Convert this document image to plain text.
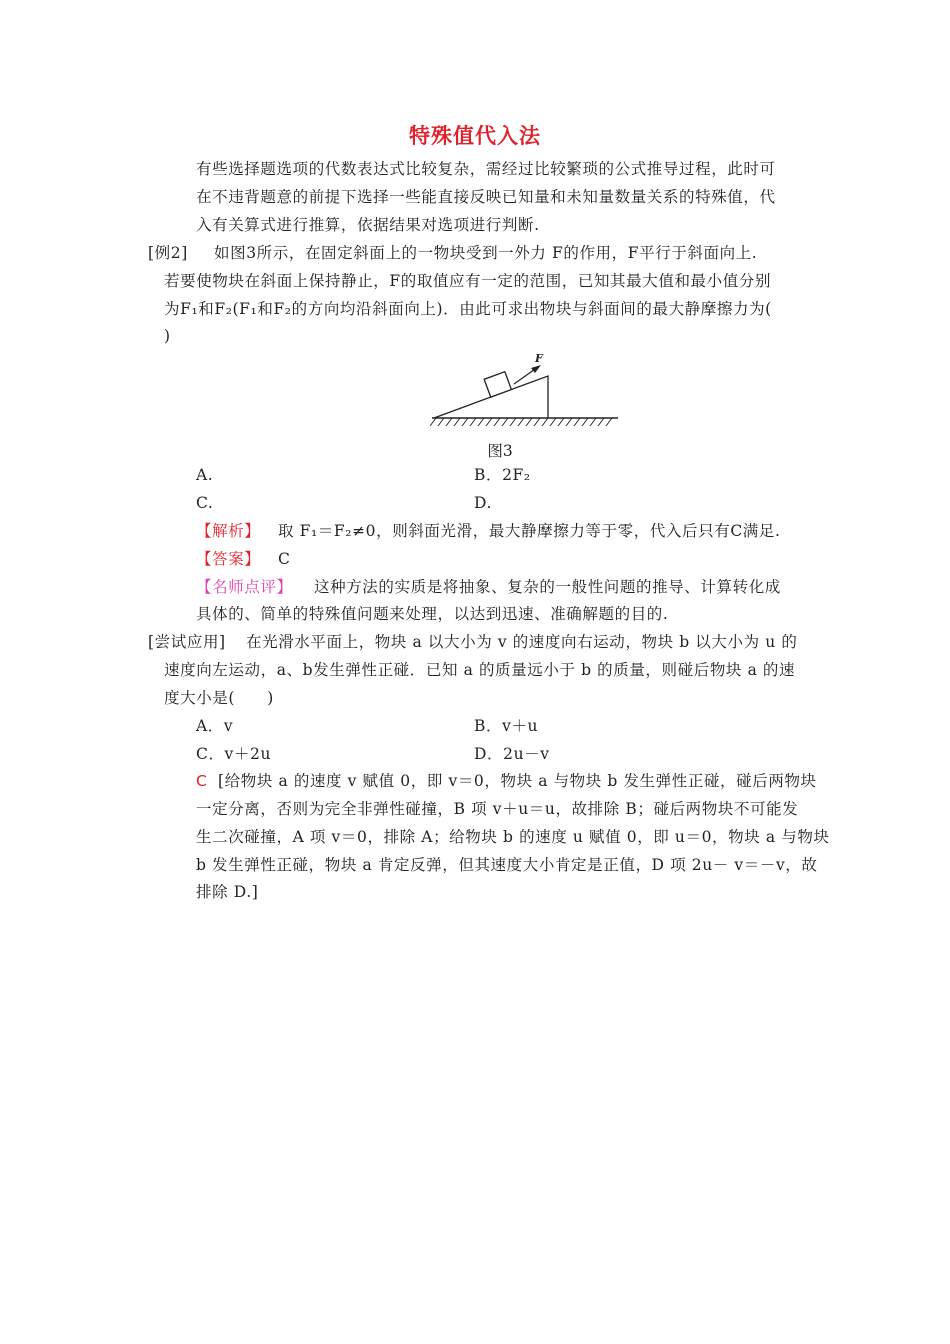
特殊值代入法
有些选择题选项的代数表达式比较复杂，需经过比较繁琐的公式推导过程，此时可
在不违背题意的前提下选择一些能直接反映已知量和未知量数量关系的特殊值，代
入有关算式进行推算，依据结果对选项进行判断.
[例2] 如图3所示，在固定斜面上的一物块受到一外力 F的作用，F平行于斜面向上.
若要使物块在斜面上保持静止，F的取值应有一定的范围，已知其最大值和最小值分别
为F₁和F₂(F₁和F₂的方向均沿斜面向上)．由此可求出物块与斜面间的最大静摩擦力为(
)
F
图3
A.	B．2F₂
C.	D.
【解析】 取 F₁＝F₂≠0，则斜面光滑，最大静摩擦力等于零，代入后只有C满足.
【答案】 C
【名师点评】 这种方法的实质是将抽象、复杂的一般性问题的推导、计算转化成
具体的、简单的特殊值问题来处理，以达到迅速、准确解题的目的.
[尝试应用] 在光滑水平面上，物块 a 以大小为 v 的速度向右运动，物块 b 以大小为 u 的
速度向左运动，a、b发生弹性正碰．已知 a 的质量远小于 b 的质量，则碰后物块 a 的速
度大小是(　　)
A．v	B．v＋u
C．v＋2u	D．2u－v
C [给物块 a 的速度 v 赋值 0，即 v＝0，物块 a 与物块 b 发生弹性正碰，碰后两物块
一定分离，否则为完全非弹性碰撞，B 项 v＋u＝u，故排除 B；碰后两物块不可能发
生二次碰撞，A 项 v＝0，排除 A；给物块 b 的速度 u 赋值 0，即 u＝0，物块 a 与物块
b 发生弹性正碰，物块 a 肯定反弹，但其速度大小肯定是正值，D 项 2u－ v＝－v，故
排除 D.]
